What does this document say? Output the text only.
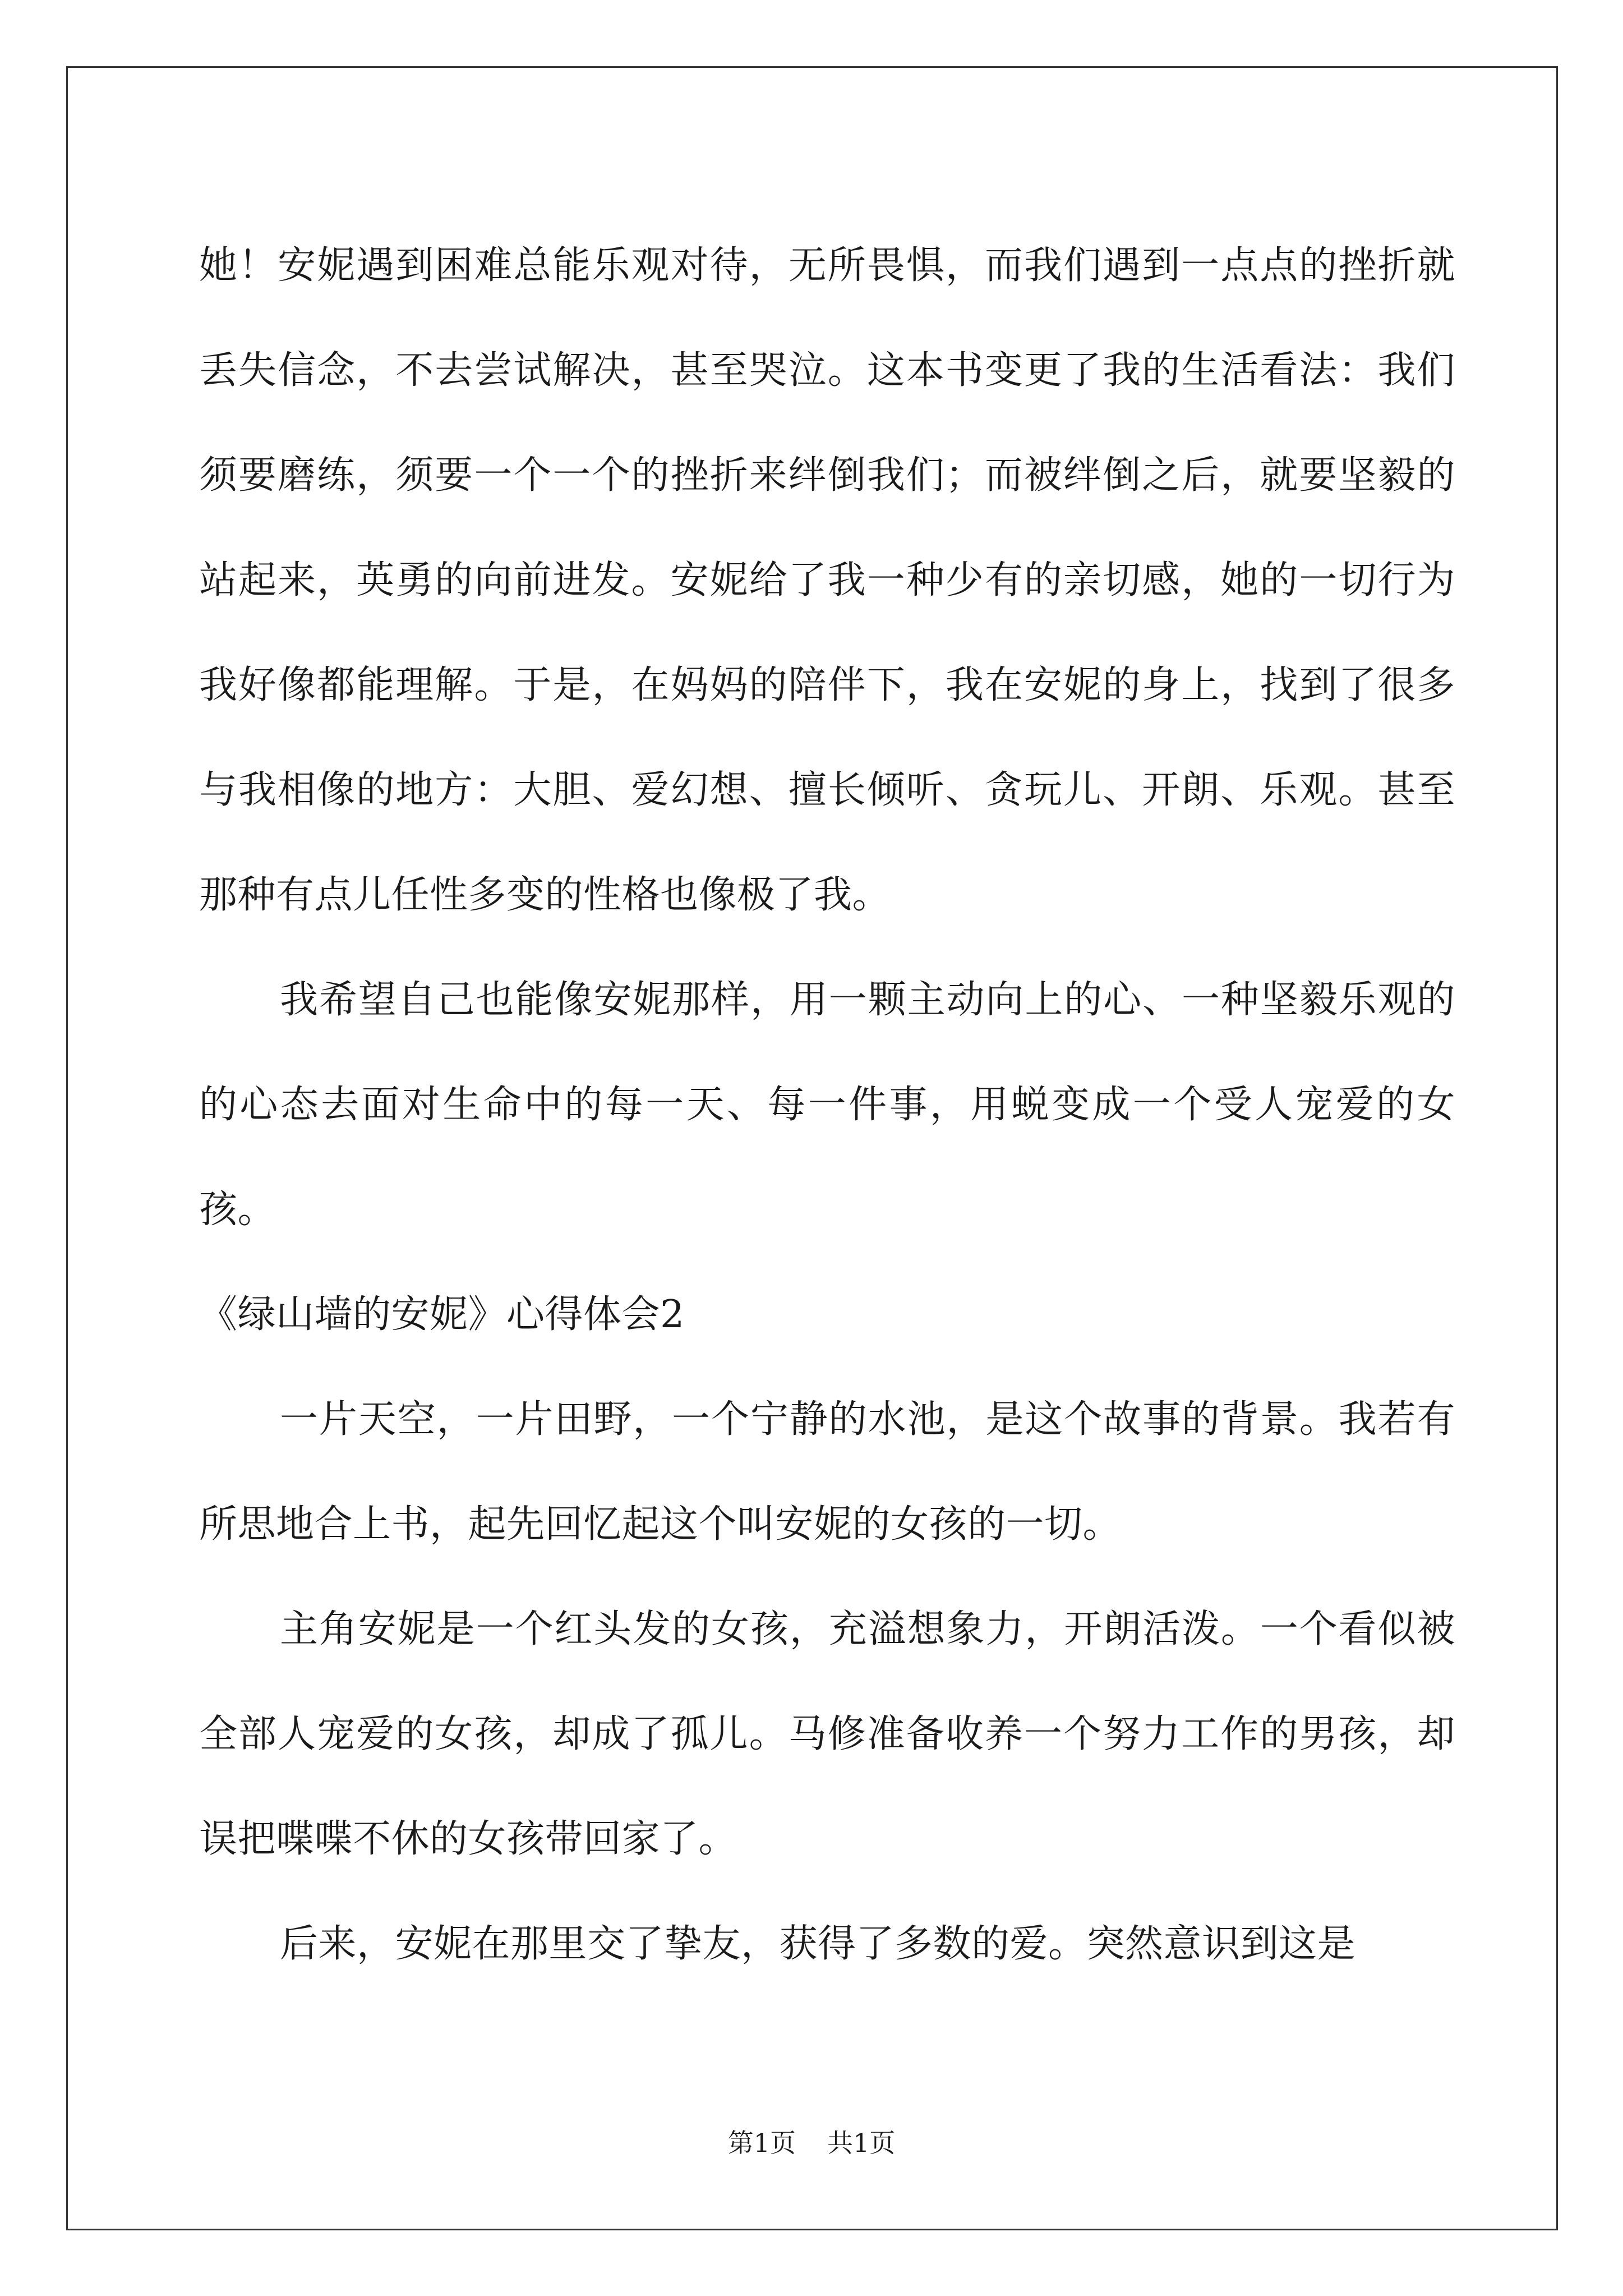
她！安妮遇到困难总能乐观对待，无所畏惧，而我们遇到一点点的挫折就丢失信念，不去尝试解决，甚至哭泣。这本书变更了我的生活看法：我们须要磨练，须要一个一个的挫折来绊倒我们；而被绊倒之后，就要坚毅的站起来，英勇的向前进发。安妮给了我一种少有的亲切感，她的一切行为我好像都能理解。于是，在妈妈的陪伴下，我在安妮的身上，找到了很多与我相像的地方：大胆、爱幻想、擅长倾听、贪玩儿、开朗、乐观。甚至那种有点儿任性多变的性格也像极了我。

我希望自己也能像安妮那样，用一颗主动向上的心、一种坚毅乐观的的心态去面对生命中的每一天、每一件事，用蜕变成一个受人宠爱的女孩。

《绿山墙的安妮》心得体会2

一片天空，一片田野，一个宁静的水池，是这个故事的背景。我若有所思地合上书，起先回忆起这个叫安妮的女孩的一切。

主角安妮是一个红头发的女孩，充溢想象力，开朗活泼。一个看似被全部人宠爱的女孩，却成了孤儿。马修准备收养一个努力工作的男孩，却误把喋喋不休的女孩带回家了。

后来，安妮在那里交了挚友，获得了多数的爱。突然意识到这是

第1页 共1页
